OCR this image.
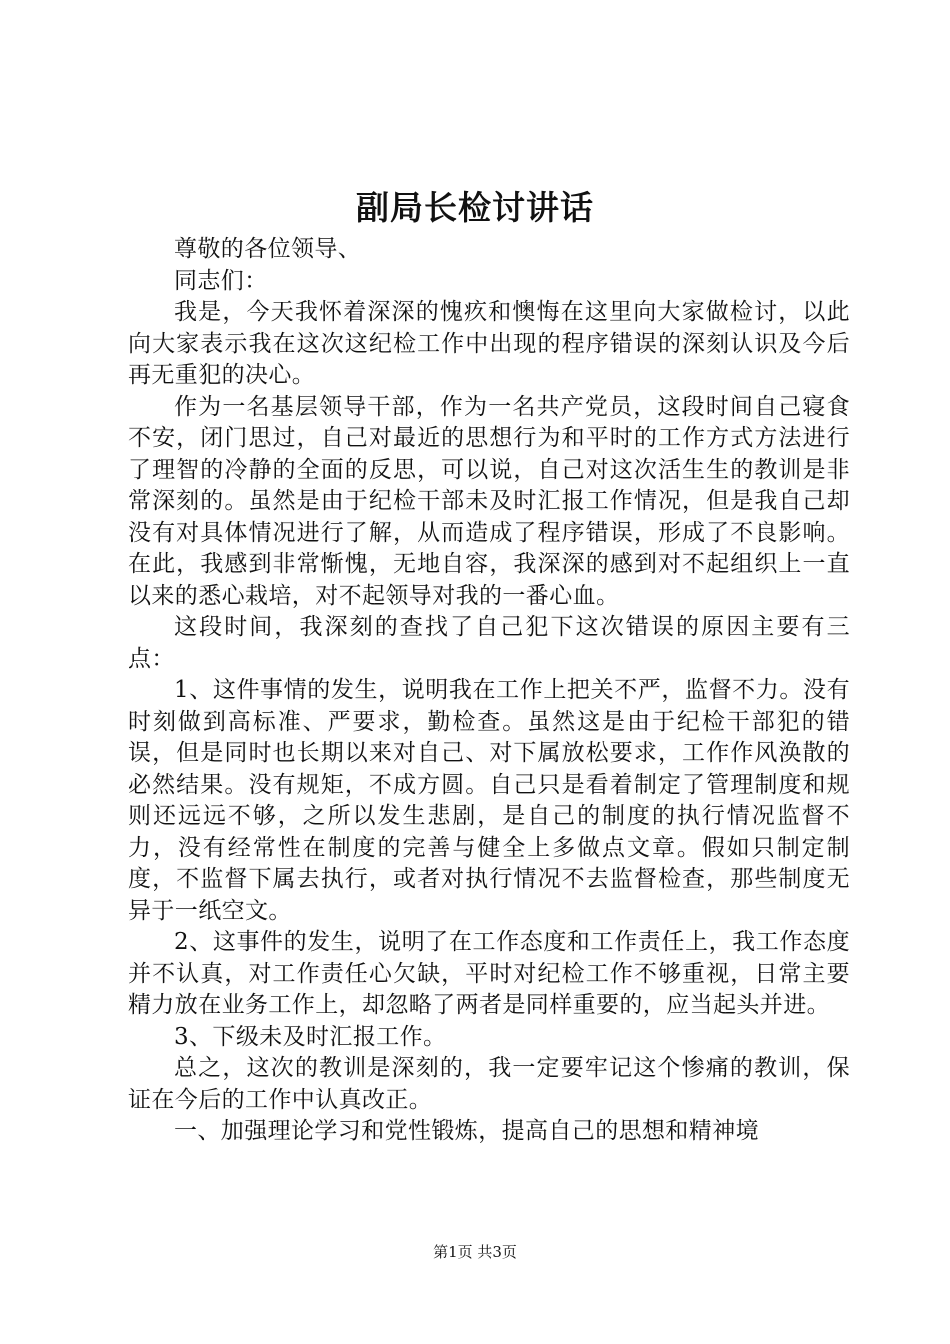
副局长检讨讲话

尊敬的各位领导、

同志们：

我是，今天我怀着深深的愧疚和懊悔在这里向大家做检讨，以此向大家表示我在这次这纪检工作中出现的程序错误的深刻认识及今后再无重犯的决心。

作为一名基层领导干部，作为一名共产党员，这段时间自己寝食不安，闭门思过，自己对最近的思想行为和平时的工作方式方法进行了理智的冷静的全面的反思，可以说，自己对这次活生生的教训是非常深刻的。虽然是由于纪检干部未及时汇报工作情况，但是我自己却没有对具体情况进行了解，从而造成了程序错误，形成了不良影响。在此，我感到非常惭愧，无地自容，我深深的感到对不起组织上一直以来的悉心栽培，对不起领导对我的一番心血。

这段时间，我深刻的查找了自己犯下这次错误的原因主要有三点：

1、这件事情的发生，说明我在工作上把关不严，监督不力。没有时刻做到高标准、严要求，勤检查。虽然这是由于纪检干部犯的错误，但是同时也长期以来对自己、对下属放松要求，工作作风涣散的必然结果。没有规矩，不成方圆。自己只是看着制定了管理制度和规则还远远不够，之所以发生悲剧，是自己的制度的执行情况监督不力，没有经常性在制度的完善与健全上多做点文章。假如只制定制度，不监督下属去执行，或者对执行情况不去监督检查，那些制度无异于一纸空文。

2、这事件的发生，说明了在工作态度和工作责任上，我工作态度并不认真，对工作责任心欠缺，平时对纪检工作不够重视，日常主要精力放在业务工作上，却忽略了两者是同样重要的，应当起头并进。

3、下级未及时汇报工作。

总之，这次的教训是深刻的，我一定要牢记这个惨痛的教训，保证在今后的工作中认真改正。

一、加强理论学习和党性锻炼，提高自己的思想和精神境

第1页 共3页
